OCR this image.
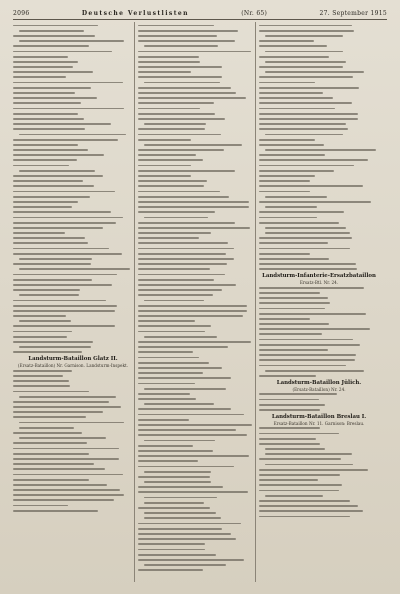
2096	Deutsche Verlustlisten	(Nr. 65)	27. September 1915
Landsturm-Bataillon Glatz II.
(Ersatz-Bataillon) Nr. Garnison. Landsturm-Inspekt.
Landsturm-Infanterie-Ersatzbataillon
Ersatz-Btl. Nr. 24.
Landsturm-Bataillon Jülich.
(Ersatz-Bataillon) Nr. 24.
Landsturm-Bataillon Breslau I.
Ersatz-Bataillon Nr. 11. Garnison: Breslau.
